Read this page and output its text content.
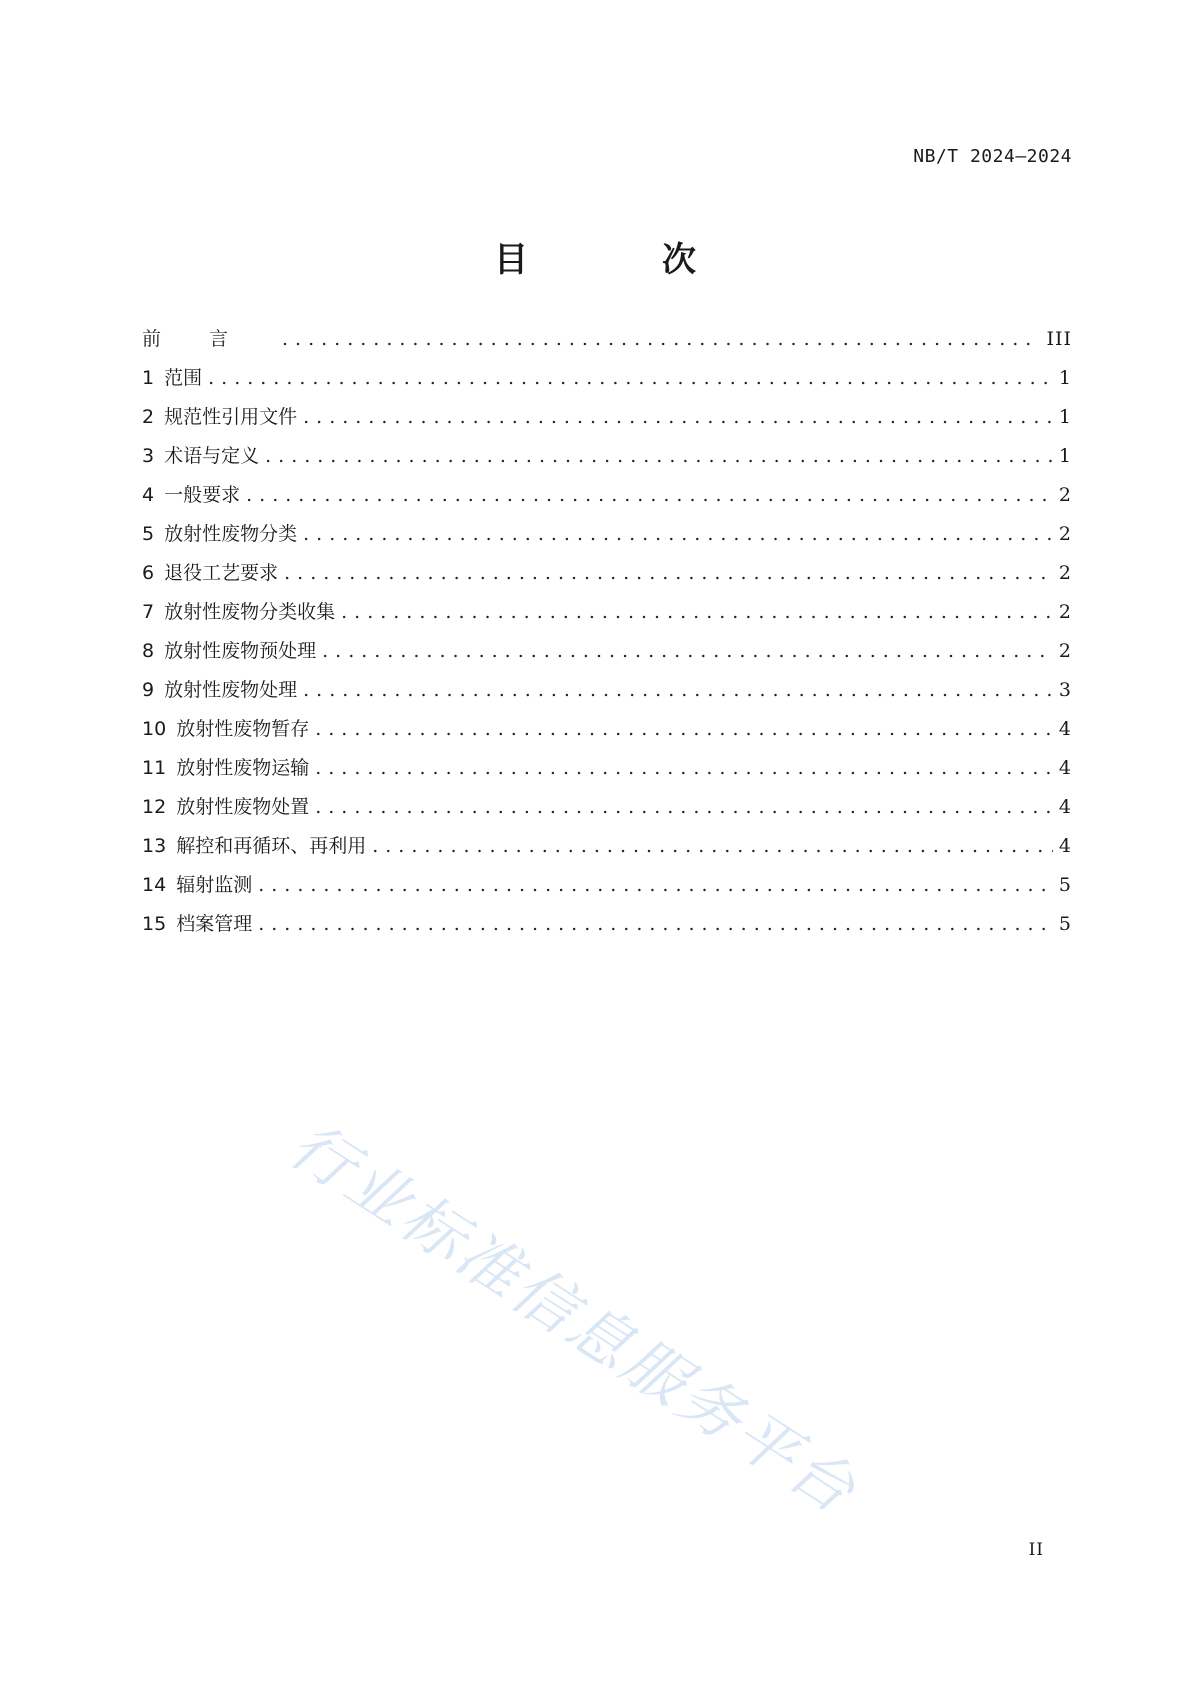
NB/T 2024—2024
目　次
前言 .....	III
1 范围 .....	1
2 规范性引用文件 .....	1
3 术语与定义 .....	1
4 一般要求 .....	2
5 放射性废物分类 .....	2
6 退役工艺要求 .....	2
7 放射性废物分类收集 .....	2
8 放射性废物预处理 .....	2
9 放射性废物处理 .....	3
10 放射性废物暂存 .....	4
11 放射性废物运输 .....	4
12 放射性废物处置 .....	4
13 解控和再循环、再利用 .....	4
14 辐射监测 .....	5
15 档案管理 .....	5
行业标准信息服务平台
II
